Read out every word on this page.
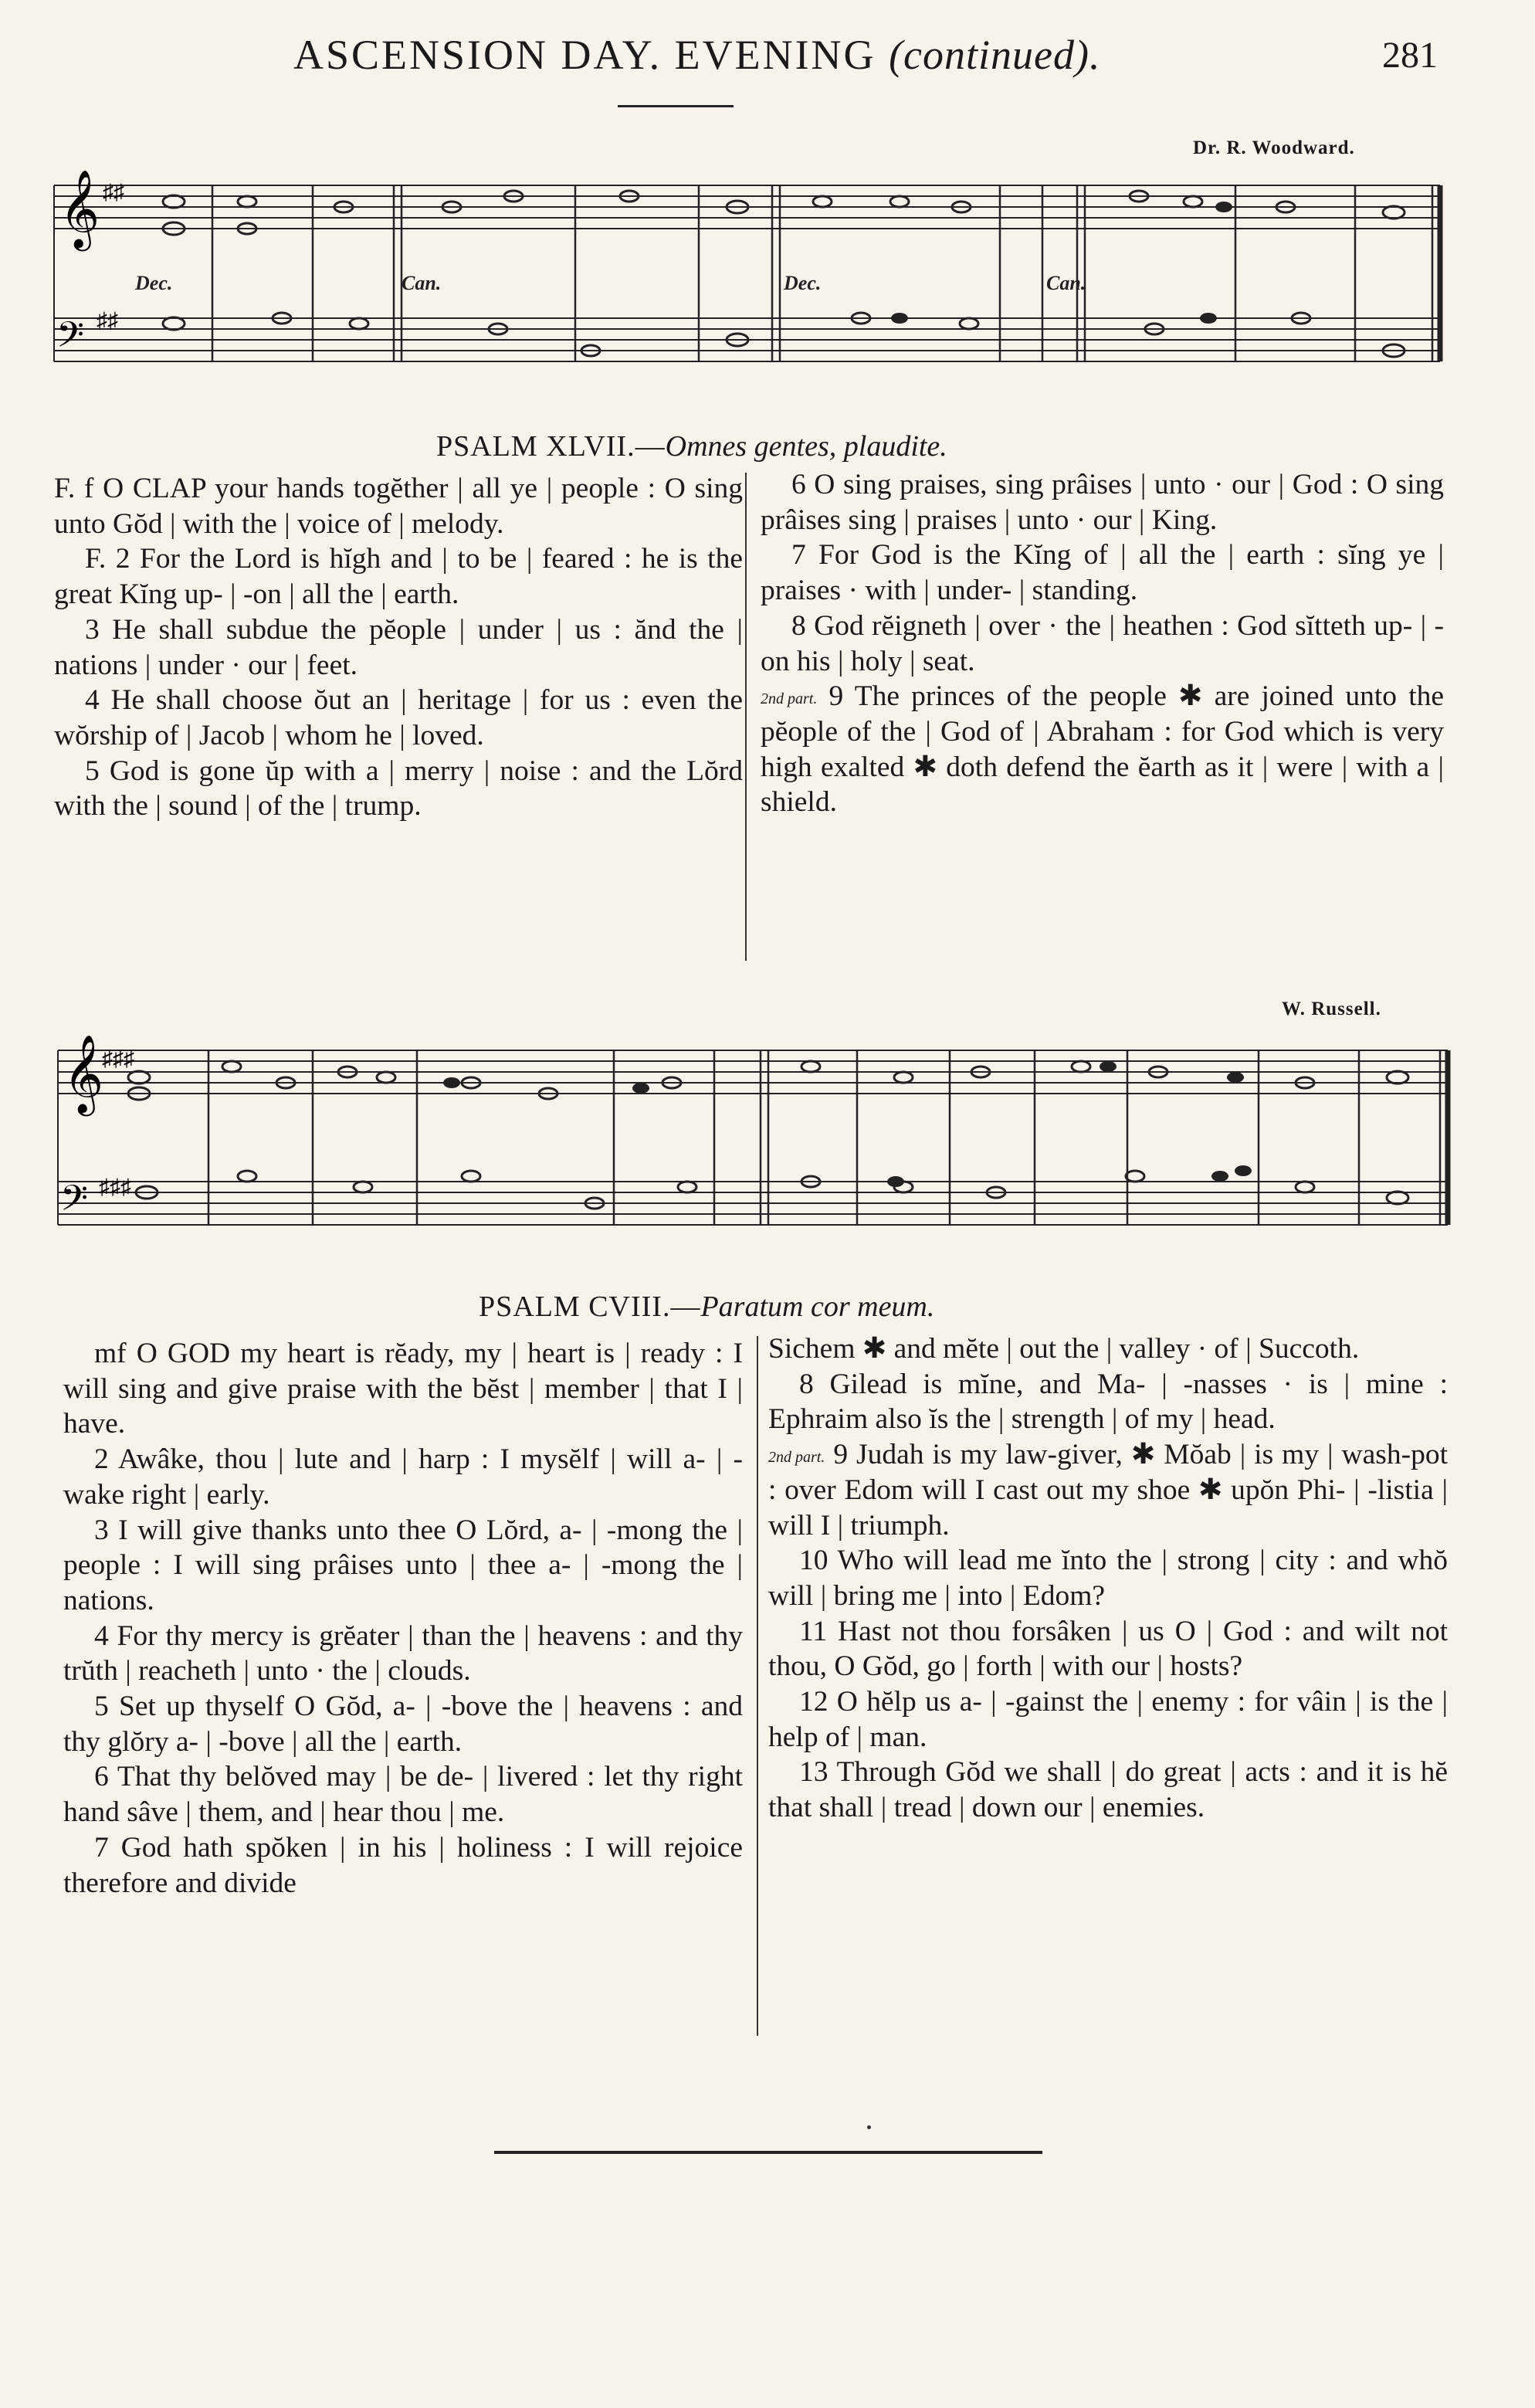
ASCENSION DAY. EVENING (continued).	281
Dr. R. Woodward.
𝄞
𝄢
♯♯
♯♯
Dec.	Can.	Dec.	Can.
PSALM XLVII.—Omnes gentes, plaudite.

F. f O CLAP your hands togĕther | all ye | people : O sing unto Gŏd | with the | voice of | melody.

F. 2 For the Lord is hĭgh and | to be | feared : he is the great Kĭng up- | -on | all the | earth.

3 He shall subdue the pĕople | under | us : ănd the | nations | under · our | feet.

4 He shall choose ŏut an | heritage | for us : even the wŏrship of | Jacob | whom he | loved.

5 God is gone ŭp with a | merry | noise : and the Lŏrd with the | sound | of the | trump.

6 O sing praises, sing prâises | unto · our | God : O sing prâises sing | praises | unto · our | King.

7 For God is the Kĭng of | all the | earth : sĭng ye | praises · with | under- | standing.

8 God rĕigneth | over · the | heathen : God sĭtteth up- | -on his | holy | seat.

2nd part. 9 The princes of the people ✱ are joined unto the pĕople of the | God of | Abraham : for God which is very high exalted ✱ doth defend the ĕarth as it | were | with a | shield.

W. Russell.
𝄞
𝄢
♯♯♯
♯♯♯
PSALM CVIII.—Paratum cor meum.

mf O GOD my heart is rĕady, my | heart is | ready : I will sing and give praise with the bĕst | member | that I | have.

2 Awâke, thou | lute and | harp : I mysĕlf | will a- | -wake right | early.

3 I will give thanks unto thee O Lŏrd, a- | -mong the | people : I will sing prâises unto | thee a- | -mong the | nations.

4 For thy mercy is grĕater | than the | heavens : and thy trŭth | reacheth | unto · the | clouds.

5 Set up thyself O Gŏd, a- | -bove the | heavens : and thy glŏry a- | -bove | all the | earth.

6 That thy belŏved may | be de- | livered : let thy right hand sâve | them, and | hear thou | me.

7 God hath spŏken | in his | holiness : I will rejoice therefore and divide

Sichem ✱ and mĕte | out the | valley · of | Succoth.

8 Gilead is mĭne, and Ma- | -nasses · is | mine : Ephraim also ĭs the | strength | of my | head.

2nd part. 9 Judah is my law-giver, ✱ Mŏab | is my | wash-pot : over Edom will I cast out my shoe ✱ upŏn Phi- | -listia | will I | triumph.

10 Who will lead me ĭnto the | strong | city : and whŏ will | bring me | into | Edom?

11 Hast not thou forsâken | us O | God : and wilt not thou, O Gŏd, go | forth | with our | hosts?

12 O hĕlp us a- | -gainst the | enemy : for vâin | is the | help of | man.

13 Through Gŏd we shall | do great | acts : and it is hĕ that shall | tread | down our | enemies.
